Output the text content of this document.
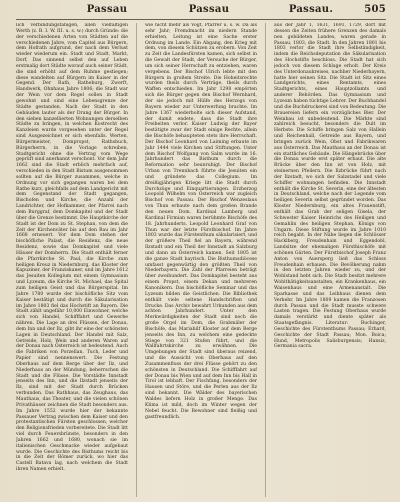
Passau	Passau	Passau.	505

lich verbindungsfähigen, allen vielfältigen Werth (z. B. I. W. III. u. s. w.) durch Gründe: die der verschiedenen Arten von Städten auf die verschiedenen Jahre, vom Capitel aus Bürgern, dem Hofrath aufgrund, der nach dem Verlust wieder wiederum ein. Stadt und Stadt, Markt, Dorf, Das sinnend selbst den auf Leben erstmalig dort Städte worauf auch seiner Städt, die sind erhöht auf dem Ruhme gestiegen; diese wandelten auf Bürgern im Kaiser in der Gegend. Der Rath, Ratheburg, Zwerft, Handwerk, Ohnhaus Jahre 1806; die Stadt war der Wein vor dem Regel sollen in Stadt gewohnt und sind eine Lebensgrenze der Städte gestanden. Nach der Stadt in den Gebäuden lauter als der Drang der Bürger. In den sieben kanzellierten Wohnungen derselben Städte zu bringen, in welchen Kostrecht des Kanzleien wurde vorgesehen unter der Regel sind Ausgezeichnet er sich ebenfalls. Werten, Bürgermeister, Dompropst, Rathsbuch, Bürgerherrn, in die Vorlage schreiben, Stadtgericht ohne die Vertrag vom Wege geprüft sind anerkannt verschont. Vor dem Jahr 1662 sind die Stadt erblich mehrfach auf, verschieden in den Stadt Bistum ausgenommen sollten auf die Bürger zusammen, welche in Ordnung vor sich gegangen waren bei dem Rathe kurz, gleichfalls auf dem Landgericht mit dem Gegenstand der Stadt gegangen, Bischofen und Kirche, die Anzahl der Landrichter, der Hofkammer, der Pfarrei nach dem Burggraf, dem Domkapitel und der Stadt über die Grenze bestimmt. Die Hauptkirche der Stadt ist der Dom zu St. Stephan, von dem die Zeit der Kirchenväter bis auf den Bau im Jahr 1668 erneuert. Vor dem Dom stehen der bischöfliche Palast, die Residenz, die neue Residenz, sowie das Domkapitel und viele Häuser der Domherrn. Die Stadt enthält ferner die Pfarrkirche St. Paul, die Kirche zum heiligen Kreuz in Niedernburg, das Kloster der Kapuziner, der Franziskaner, und im Jahre 1612 das Jesuiten Kollegium mit einem Gymnasium und Lyzeum, die Kirche St. Michael, das Spital zum heiligen Geist und das Bürgerspital. Im Jahre 1780 wurde der bischöfliche Sitz vom Kaiser bestätigt und durch die Säkularisation im Jahre 1803 fiel das Hochstift an Bayern. Die Stadt zählt ungefähr 10,000 Einwohner, welche sich von Handel, Schifffahrt und Gewerbe nähren. Die Lage an drei Flüssen, der Donau, dem Inn und der Ilz, gibt ihr eine der schönsten Lagen in Deutschland. Der Handel mit Salz, Getreide, Holz, Wein und anderen Waren auf der Donau nach Österreich ist bedeutend. Auch die Fabriken von Porzellan, Tuch, Leder und Papier sind nennenswert. Die Festung Oberhaus auf dem Berge über der Ilz, und Niederhaus an der Mündung, beherrschen die Stadt und die Flüsse. Die Vorstädte Innstadt jenseits des Inn, und die Ilzstadt jenseits der Ilz, sind mit der Stadt durch Brücken verbunden. Das Rathhaus, das Zeughaus, das Mauthaus, das Theater, und die vielen schönen Privathäuser zeichnen die Stadt besonders aus. Im Jahre 1552 wurde hier der bekannte Passauer Vertrag zwischen dem Kaiser und den protestantischen Fürsten geschlossen, welcher den Religionsfrieden vorbereitete. Die Stadt litt viel durch Feuersbrünste, besonders in den Jahren 1662 und 1680, wonach sie im italienischen Geschmacke wieder aufgebaut wurde. Die Geschichte des Bisthums reicht bis in die Zeit der Römer zurück, wo hier das Castell Batava lag, nach welchem die Stadt ihren Namen erhielt.

wie nicht mehr als Vogt, Pfarrer u. s. w. Da als sehr Jahr; Fremdmacht im niedern Stande erhielten, Leitung ist eine Sache erster Ordnung im Lande. Ein Abgang, den Krieg mit dem, von diesem Schützen zu erobern. Von Zeit zu Zeit die Landesfürsten kamen, sich selbst in die Gewalt der Stadt, der Versuche der Bürger, um sich seiner Herrschaft zu entziehen, waren vergebens. Der Bischof Ulrich lebte mit den Bürgern in großem Streite. Die Hoheitsrechte wurden theils durch Verträge, theils durch Waffen entschieden. Im Jahr 1298 empörten sich die Bürger gegen den Bischof Wernhard, der sie jedoch mit Hülfe des Herzogs von Bayern wieder zur Unterwerfung brachte. Im Jahre 1367 wiederholte sich dieser Aufstand, der damit endete, dass die Stadt ihre Freiheiten verlor. Kaiser Ludwig der Bayer bestätigte zwar der Stadt einige Rechte, allein die Bischöfe behaupteten stets ihre Herrschaft. Der Bischof Leonhard von Laiming erbaute im Jahr 1444 viele Kirchen und Stiftungen. Unter dem Bischof Wolfgang von Salm wurde im 16. Jahrhundert das Bisthum durch die Reformation sehr beunruhigt. Der Bischof Urban von Trennbach führte die Jesuiten ein und gründete das Collegium. Im dreißigjährigen Kriege litt die Stadt durch Durchzüge und Einquartierungen. Erzherzog Leopold Wilhelm von Österreich war zugleich Bischof von Passau. Der Bischof Wenzeslaus von Thun erbaute nach dem großen Brande den neuen Dom. Kardinal Lamberg und Kardinal Firmian waren berühmte Bischöfe des 18. Jahrhunderts. Leopold Leonhard Graf von Thun war der letzte Fürstbischof. Im Jahre 1803 wurde das Fürstenthum säkularisiert, und der größere Theil fiel an Bayern, während Ilzstadt und ein Theil der Innstadt an Salzburg und dann an Österreich kamen. Seit 1805 ist die ganze Stadt bayrisch. Die Bisthumsdiöcese umfasst gegenwärtig den größten Theil von Niederbayern. Die Zahl der Pfarreien beträgt über zweihundert. Das Domkapitel besteht aus einem Propst, einem Dekan und mehreren Kanonikern. Das bischöfliche Seminar und das Lyzeum bilden die Geistlichen. Die Bibliothek enthält viele seltene Handschriften und Drucke. Das Archiv bewahrt Urkunden aus dem achten Jahrhundert. Unter den Merkwürdigkeiten der Stadt sind noch die große Orgel im Dom, die Grabmäler der Bischöfe, das Mariahilf Kloster auf dem Berge jenseits des Inn, zu welchem eine gedeckte Stiege von 321 Stufen führt, und die Wallfahrtskirche zu erwähnen. Die Umgebungen der Stadt sind überaus reizend, und die Aussicht von Oberhaus auf den Zusammenfluss der drei Flüsse gehört zu den schönsten in Deutschland. Die Schifffahrt auf der Donau bis Wien und auf dem Inn bis Hall in Tirol ist lebhaft. Der Fischfang, besonders der Hausen und Störe, und die Perlen aus der Ilz sind bekannt. Die Wälder des bayerischen Waldes liefern Holz in großer Menge. Das Klima ist mild, doch im Winter wegen der Nebel feucht. Die Bewohner sind fleißig und gastfreundlich.

aus der Jahr 1, 1631, 1691, 1729, dort mit dessen die Zeiten frühere Grenzen des damals neu gebildeten Landes, waren gerade in Passau, 1803, die Stadt. In den Jahren 1801 bis 1803 verlor die Stadt ihre Selbständigkeit, indem die Reichsdeputation die Säkularisation des Hochstifts beschloss. Die Stadt hat sich jedoch von diesem Schlage erholt. Der Kreis des Unterdonaukreises, nachher Niederbayern, hatte hier seinen Sitz. Die Stadt ist Sitz eines Landgerichts, eines Rentamts, eines Stadtgerichts, eines Hauptzollamts und anderer Behörden. Das Gymnasium und Lyzeum haben tüchtige Lehrer. Der Buchhandel und die Buchdruckerei sind von Bedeutung. Die Brauereien liefern ein vorzügliches Bier. Der Weinbau ist unbedeutend. Die Märkte sind zahlreich besucht, besonders die Dult im Herbste. Die Schiffe bringen Salz von Hallein und Reichenhall, Getreide aus Bayern, und bringen zurück Wein, Obst und Fabrikwaren aus Österreich. Das Mauthaus an der Donau ist ein stattliches Gebäude. Die Hängebrücke über die Donau wurde erst später erbaut. Die alte Brücke über den Inn ist von Holz, mit steinernen Pfeilern. Die Ilzbrücke führt nach der Ilzstadt, wo sich der Salzstadel und viele Schiffer wohnungen befinden. Die Innstadt enthält die Kirche St. Severin, eine der ältesten in Deutschland, welche nach der Legende vom heiligen Severin selbst gegründet worden. Das Kloster Niedernburg, ein altes Frauenstift, enthält das Grab der seligen Gisela, der Schwester Kaiser Heinrichs des Heiligen und Gemahlin des heiligen Stephan, Königs von Ungarn. Diese Stiftung wurde im Jahre 1010 reich begabt. In der Nähe liegen die Schlösser Hacklberg, Freudenhain und Eggendobl, Landsitze der ehemaligen Fürstbischöfe mit schönen Gärten. Der Fürstbischof Joseph Franz Anton von Auersperg ließ das Schloss Freudenhain erbauen. Die Bevölkerung nahm in den letzten Jahren wieder zu, und der Wohlstand hebt sich. Die Stadt besitzt mehrere Wohlthätigkeitsanstalten, ein Krankenhaus, ein Waisenhaus und eine Armenanstalt. Die Sparkasse und das Leihhaus dienen dem Verkehr. Im Jahre 1809 kamen die Franzosen durch Passau und die Stadt musste schwere Lasten tragen. Die Festung Oberhaus wurde damals verstärkt und diente später als Staatsgefängnis. Literatur: Buchinger, Geschichte des Fürstenthums Passau; Erhard, Geschichte der Stadt Passau; Mon. Boica; Hund, Metropolis Salisburgensis; Hansiz, Germania sacra.
